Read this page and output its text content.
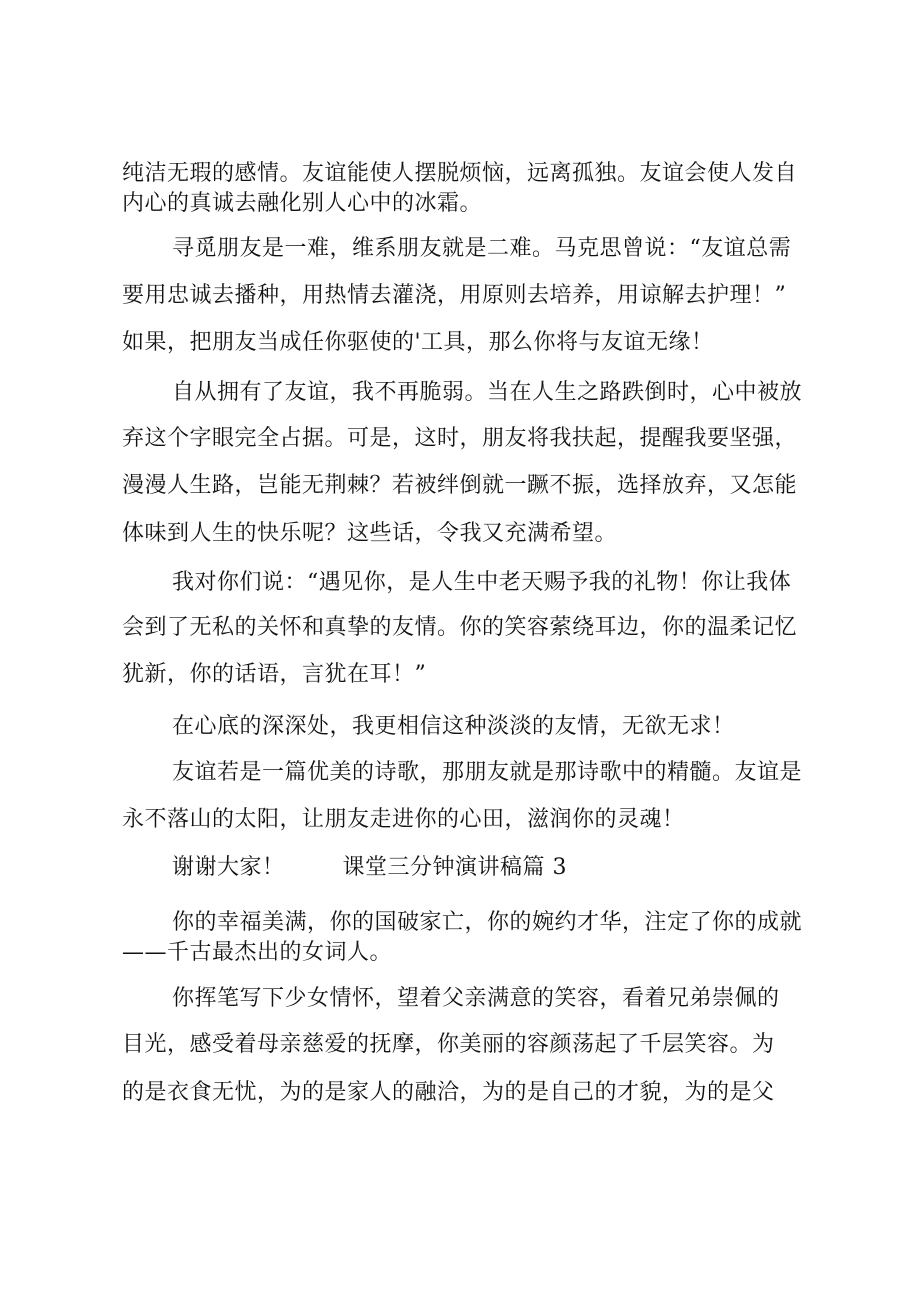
纯洁无瑕的感情。友谊能使人摆脱烦恼，远离孤独。友谊会使人发自
内心的真诚去融化别人心中的冰霜。
寻觅朋友是一难，维系朋友就是二难。马克思曾说：“友谊总需
要用忠诚去播种，用热情去灌浇，用原则去培养，用谅解去护理！”
如果，把朋友当成任你驱使的'工具，那么你将与友谊无缘！
自从拥有了友谊，我不再脆弱。当在人生之路跌倒时，心中被放
弃这个字眼完全占据。可是，这时，朋友将我扶起，提醒我要坚强，
漫漫人生路，岂能无荆棘？若被绊倒就一蹶不振，选择放弃，又怎能
体味到人生的快乐呢？这些话，令我又充满希望。
我对你们说：“遇见你，是人生中老天赐予我的礼物！你让我体
会到了无私的关怀和真挚的友情。你的笑容萦绕耳边，你的温柔记忆
犹新，你的话语，言犹在耳！”
在心底的深深处，我更相信这种淡淡的友情，无欲无求！
友谊若是一篇优美的诗歌，那朋友就是那诗歌中的精髓。友谊是
永不落山的太阳，让朋友走进你的心田，滋润你的灵魂！
谢谢大家！	课堂三分钟演讲稿篇 3
你的幸福美满，你的国破家亡，你的婉约才华，注定了你的成就
——千古最杰出的女词人。
你挥笔写下少女情怀，望着父亲满意的笑容，看着兄弟崇佩的
目光，感受着母亲慈爱的抚摩，你美丽的容颜荡起了千层笑容。为
的是衣食无忧，为的是家人的融洽，为的是自己的才貌，为的是父
